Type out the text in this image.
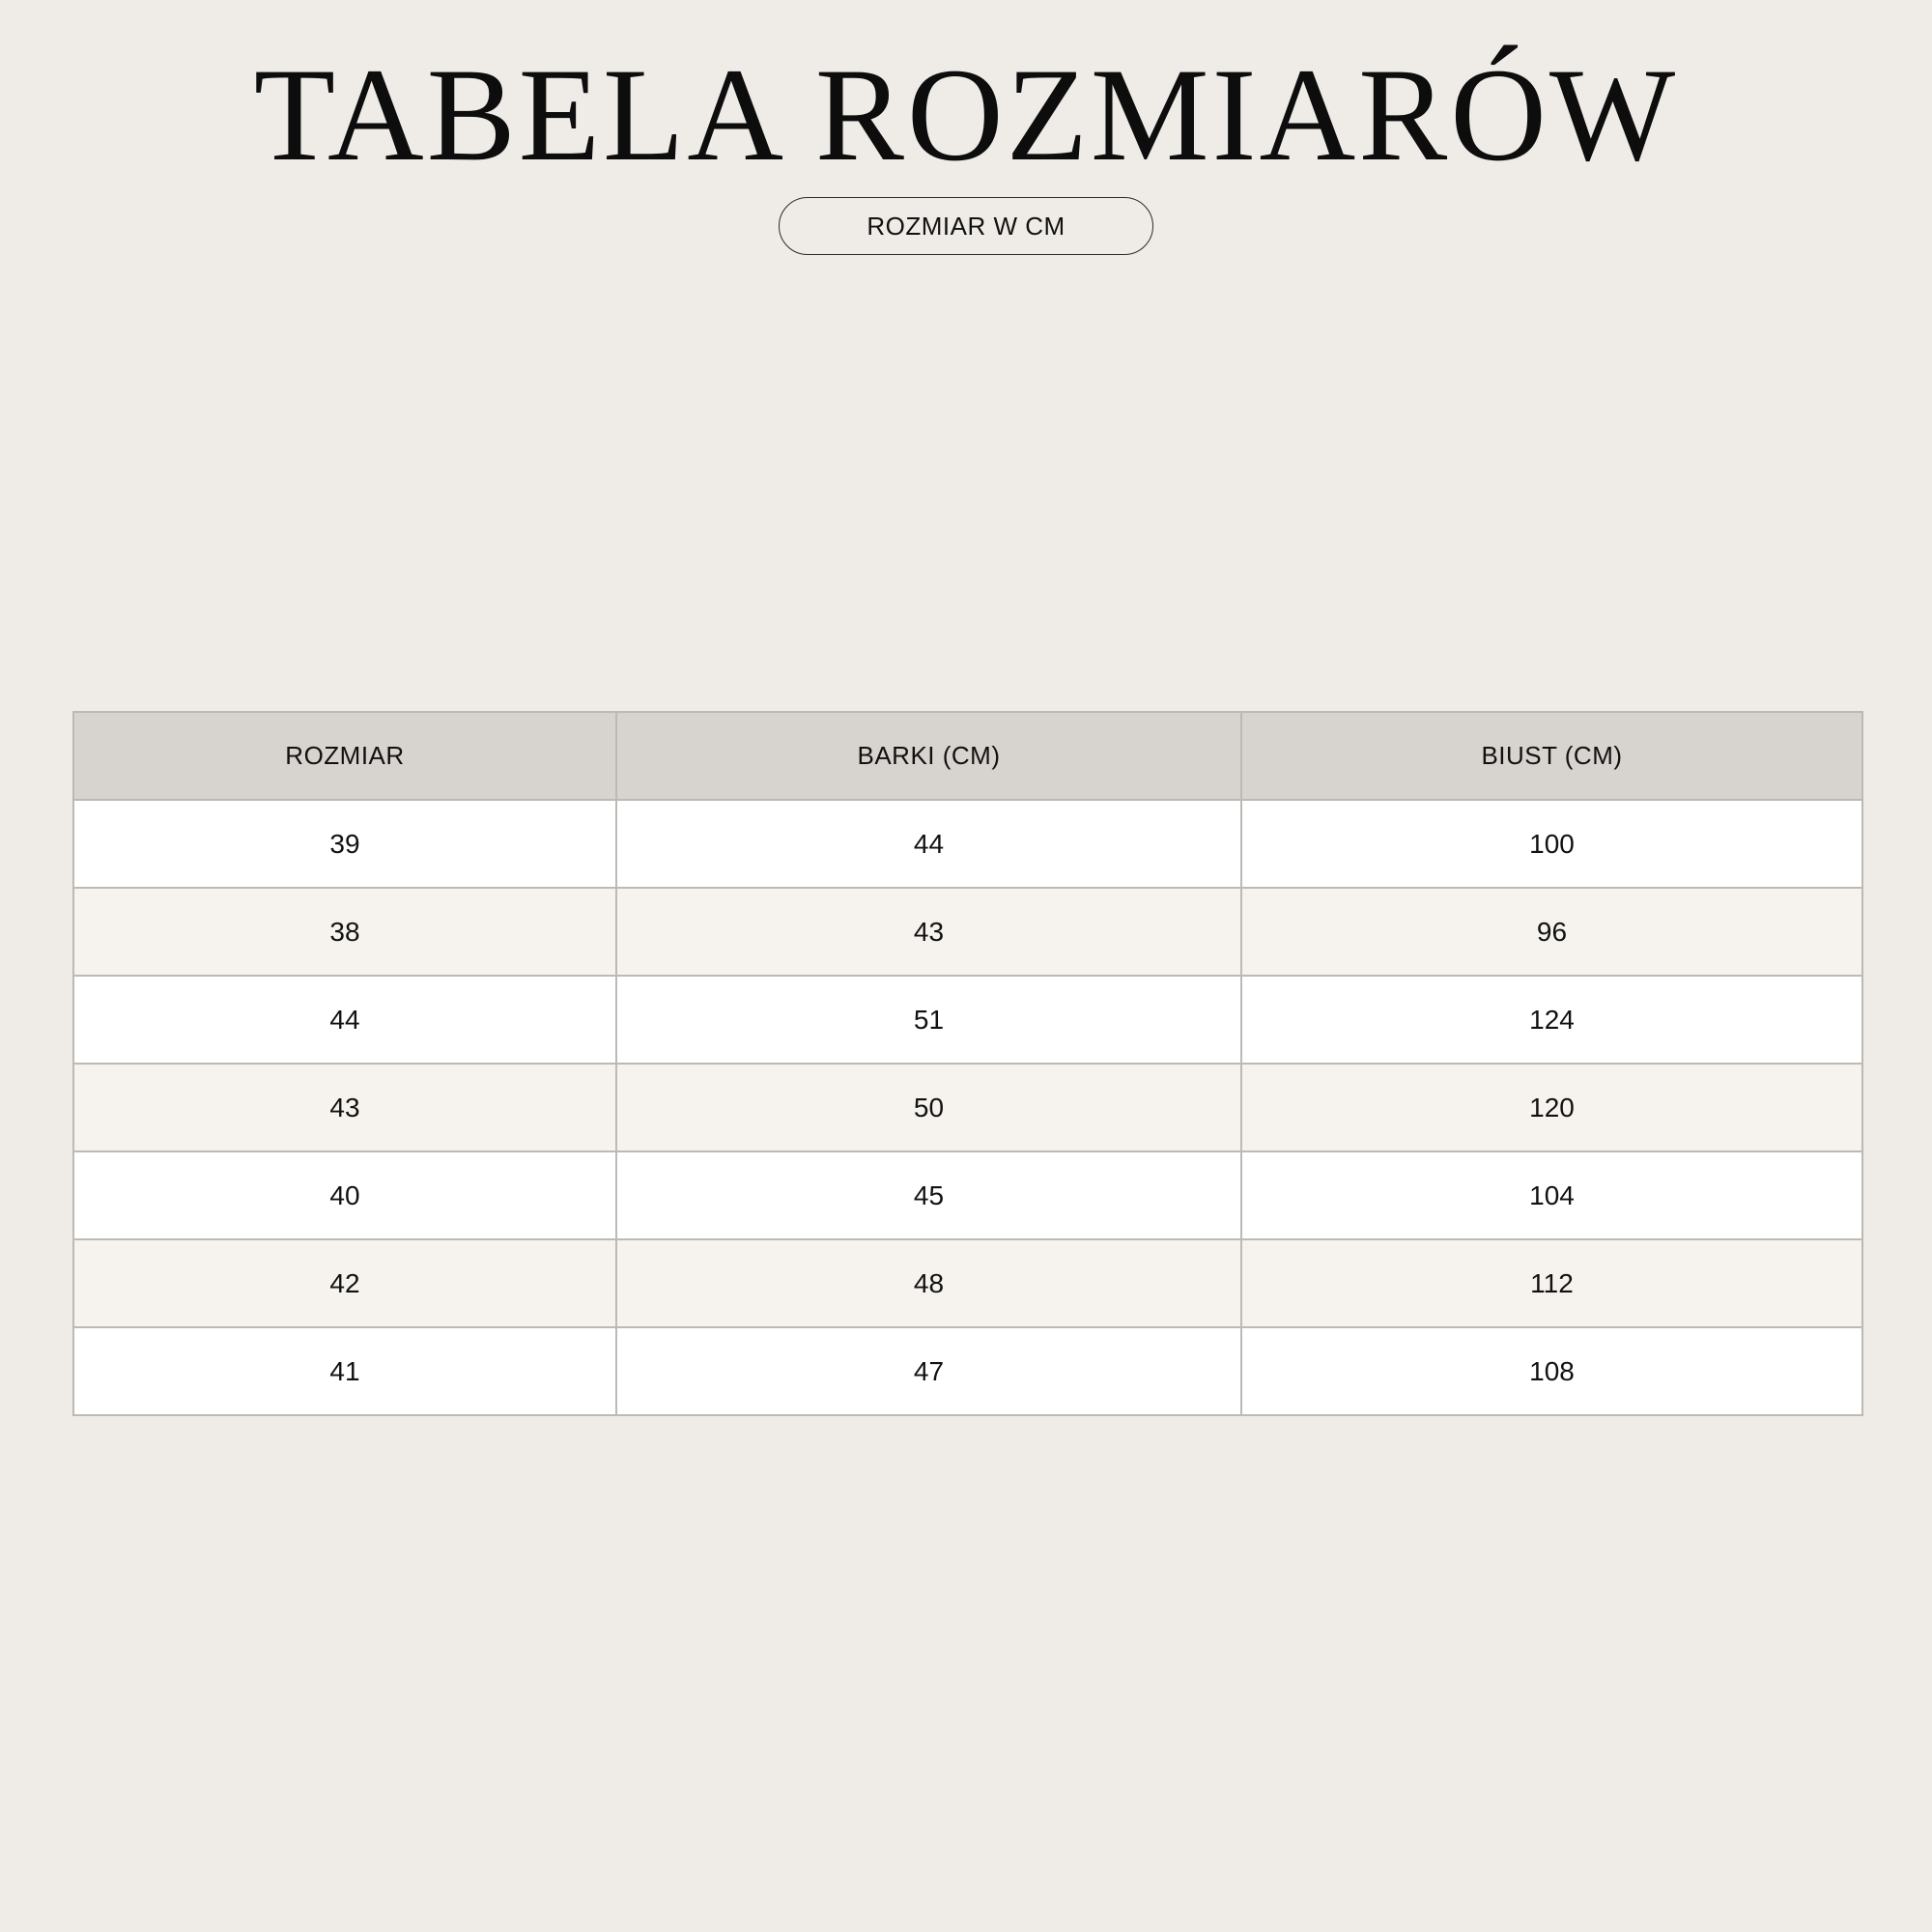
TABELA ROZMIARÓW
ROZMIAR W CM
ROZMIAR	BARKI (CM)	BIUST (CM)
39	44	100
38	43	96
44	51	124
43	50	120
40	45	104
42	48	112
41	47	108
